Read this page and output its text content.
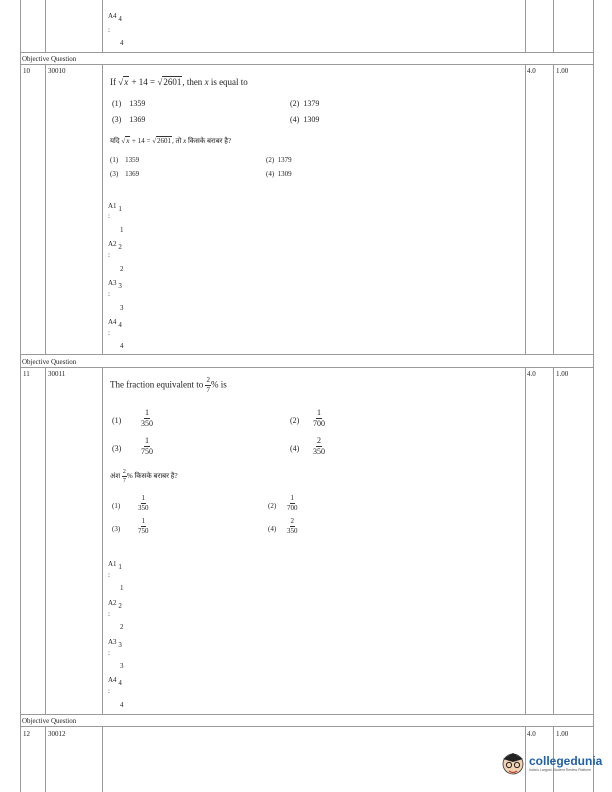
A4 4
:
4
Objective Question
10	30010	4.0	1.00
If √x + 14 = √2601, then x is equal to
(1) 1359	(2) 1379
(3) 1369	(4) 1309
यदि √x + 14 = √2601, तो x किसके बराबर है?
(1) 1359	(2) 1379
(3) 1369	(4) 1309
A1 1
:
1
A2 2
:
2
A3 3
:
3
A4 4
:
4
Objective Question
11	30011	4.0	1.00
The fraction equivalent to $\frac{2}{7}$ % is
$(1) \frac{1}{350}$	$(2) \frac{1}{700}$
$(3) \frac{1}{750}$	$(4) \frac{2}{350}$
अंश $\frac{2}{7}$ % किसके बराबर है?
(1)	$\frac{1}{350}$	$(2) \frac{1}{700}$
(3)	$\frac{1}{750}$	$(4) \frac{2}{350}$
A1 1
:
1
A2 2
:
2
A3 3
:
3
A4 4
:
4
Objective Question
12	30012	4.0	1.00
collegedunia
India's Largest Student Review Platform
